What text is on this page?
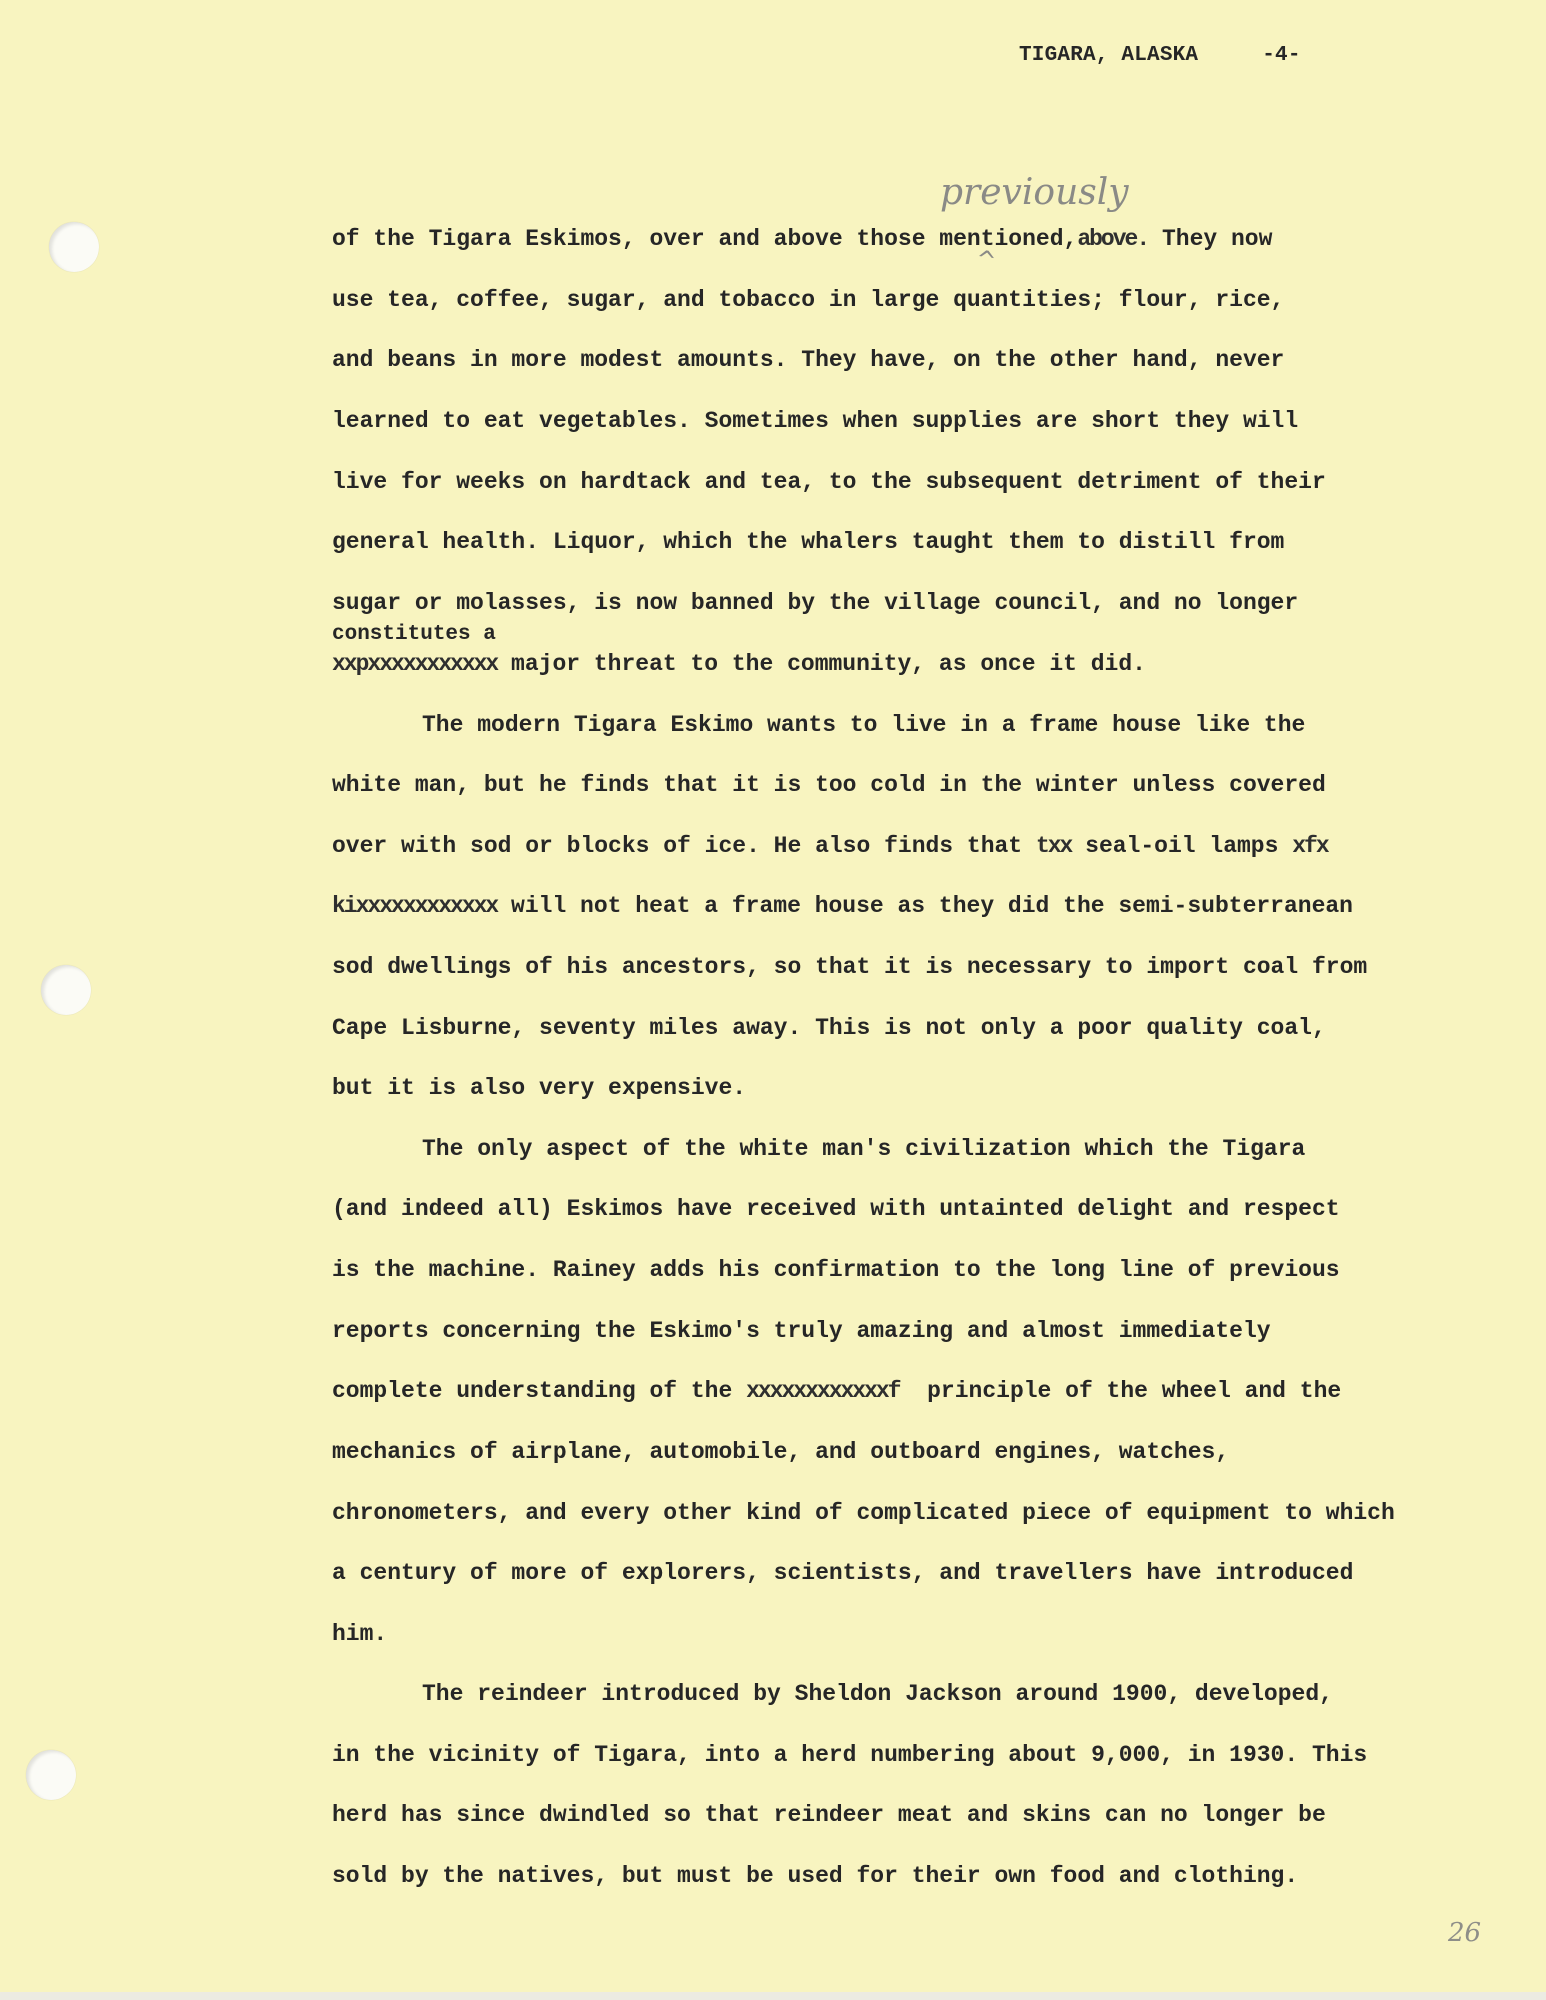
TIGARA, ALASKA     -4-
previously
^
of the Tigara Eskimos, over and above those mentioned,above. They now
use tea, coffee, sugar, and tobacco in large quantities; flour, rice,
and beans in more modest amounts. They have, on the other hand, never
learned to eat vegetables. Sometimes when supplies are short they will
live for weeks on hardtack and tea, to the subsequent detriment of their
general health. Liquor, which the whalers taught them to distill from
sugar or molasses, is now banned by the village council, and no longer
constitutes a
xxpxxxxxxxxxxx major threat to the community, as once it did.
The modern Tigara Eskimo wants to live in a frame house like the
white man, but he finds that it is too cold in the winter unless covered
over with sod or blocks of ice. He also finds that txx seal-oil lamps xfx
kixxxxxxxxxxxx will not heat a frame house as they did the semi-subterranean
sod dwellings of his ancestors, so that it is necessary to import coal from
Cape Lisburne, seventy miles away. This is not only a poor quality coal,
but it is also very expensive.
The only aspect of the white man's civilization which the Tigara
(and indeed all) Eskimos have received with untainted delight and respect
is the machine. Rainey adds his confirmation to the long line of previous
reports concerning the Eskimo's truly amazing and almost immediately
complete understanding of the xxxxxxxxxxxxf principle of the wheel and the
mechanics of airplane, automobile, and outboard engines, watches,
chronometers, and every other kind of complicated piece of equipment to which
a century of more of explorers, scientists, and travellers have introduced
him.
The reindeer introduced by Sheldon Jackson around 1900, developed,
in the vicinity of Tigara, into a herd numbering about 9,000, in 1930. This
herd has since dwindled so that reindeer meat and skins can no longer be
sold by the natives, but must be used for their own food and clothing.
26
